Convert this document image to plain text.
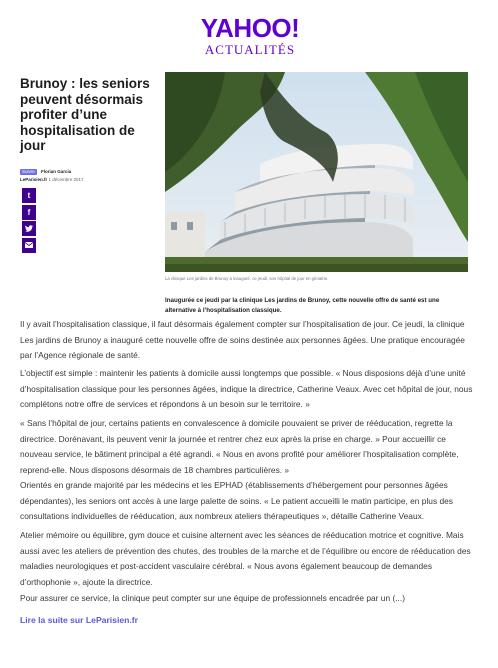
YAHOO!
ACTUALITÉS
Brunoy : les seniors peuvent désormais profiter d’une hospitalisation de jour
Suivre Florian Garcia
LeParisien.fr 1 décembre 2017
t
f
La clinique Les jardins de Brunoy a inauguré, ce jeudi, son hôpital de jour en gériatrie.

Inaugurée ce jeudi par la clinique Les jardins de Brunoy, cette nouvelle offre de santé est une alternative à l’hospitalisation classique.

Il y avait l’hospitalisation classique, il faut désormais également compter sur l’hospitalisation de jour. Ce jeudi, la clinique Les jardins de Brunoy a inauguré cette nouvelle offre de soins destinée aux personnes âgées. Une pratique encouragée par l’Agence régionale de santé.

L’objectif est simple : maintenir les patients à domicile aussi longtemps que possible. « Nous disposions déjà d’une unité d’hospitalisation classique pour les personnes âgées, indique la directrice, Catherine Veaux. Avec cet hôpital de jour, nous complétons notre offre de services et répondons à un besoin sur le territoire. »

« Sans l’hôpital de jour, certains patients en convalescence à domicile pouvaient se priver de rééducation, regrette la directrice. Dorénavant, ils peuvent venir la journée et rentrer chez eux après la prise en charge. » Pour accueillir ce nouveau service, le bâtiment principal a été agrandi. « Nous en avons profité pour améliorer l’hospitalisation complète, reprend-elle. Nous disposons désormais de 18 chambres particulières. »

Orientés en grande majorité par les médecins et les EPHAD (établissements d’hébergement pour personnes âgées dépendantes), les seniors ont accès à une large palette de soins. « Le patient accueilli le matin participe, en plus des consultations individuelles de rééducation, aux nombreux ateliers thérapeutiques », détaille Catherine Veaux.

Atelier mémoire ou équilibre, gym douce et cuisine alternent avec les séances de rééducation motrice et cognitive. Mais aussi avec les ateliers de prévention des chutes, des troubles de la marche et de l’équilibre ou encore de rééducation des maladies neurologiques et post-accident vasculaire cérébral. « Nous avons également beaucoup de demandes d’orthophonie », ajoute la directrice.

Pour assurer ce service, la clinique peut compter sur une équipe de professionnels encadrée par un (...)

Lire la suite sur LeParisien.fr
